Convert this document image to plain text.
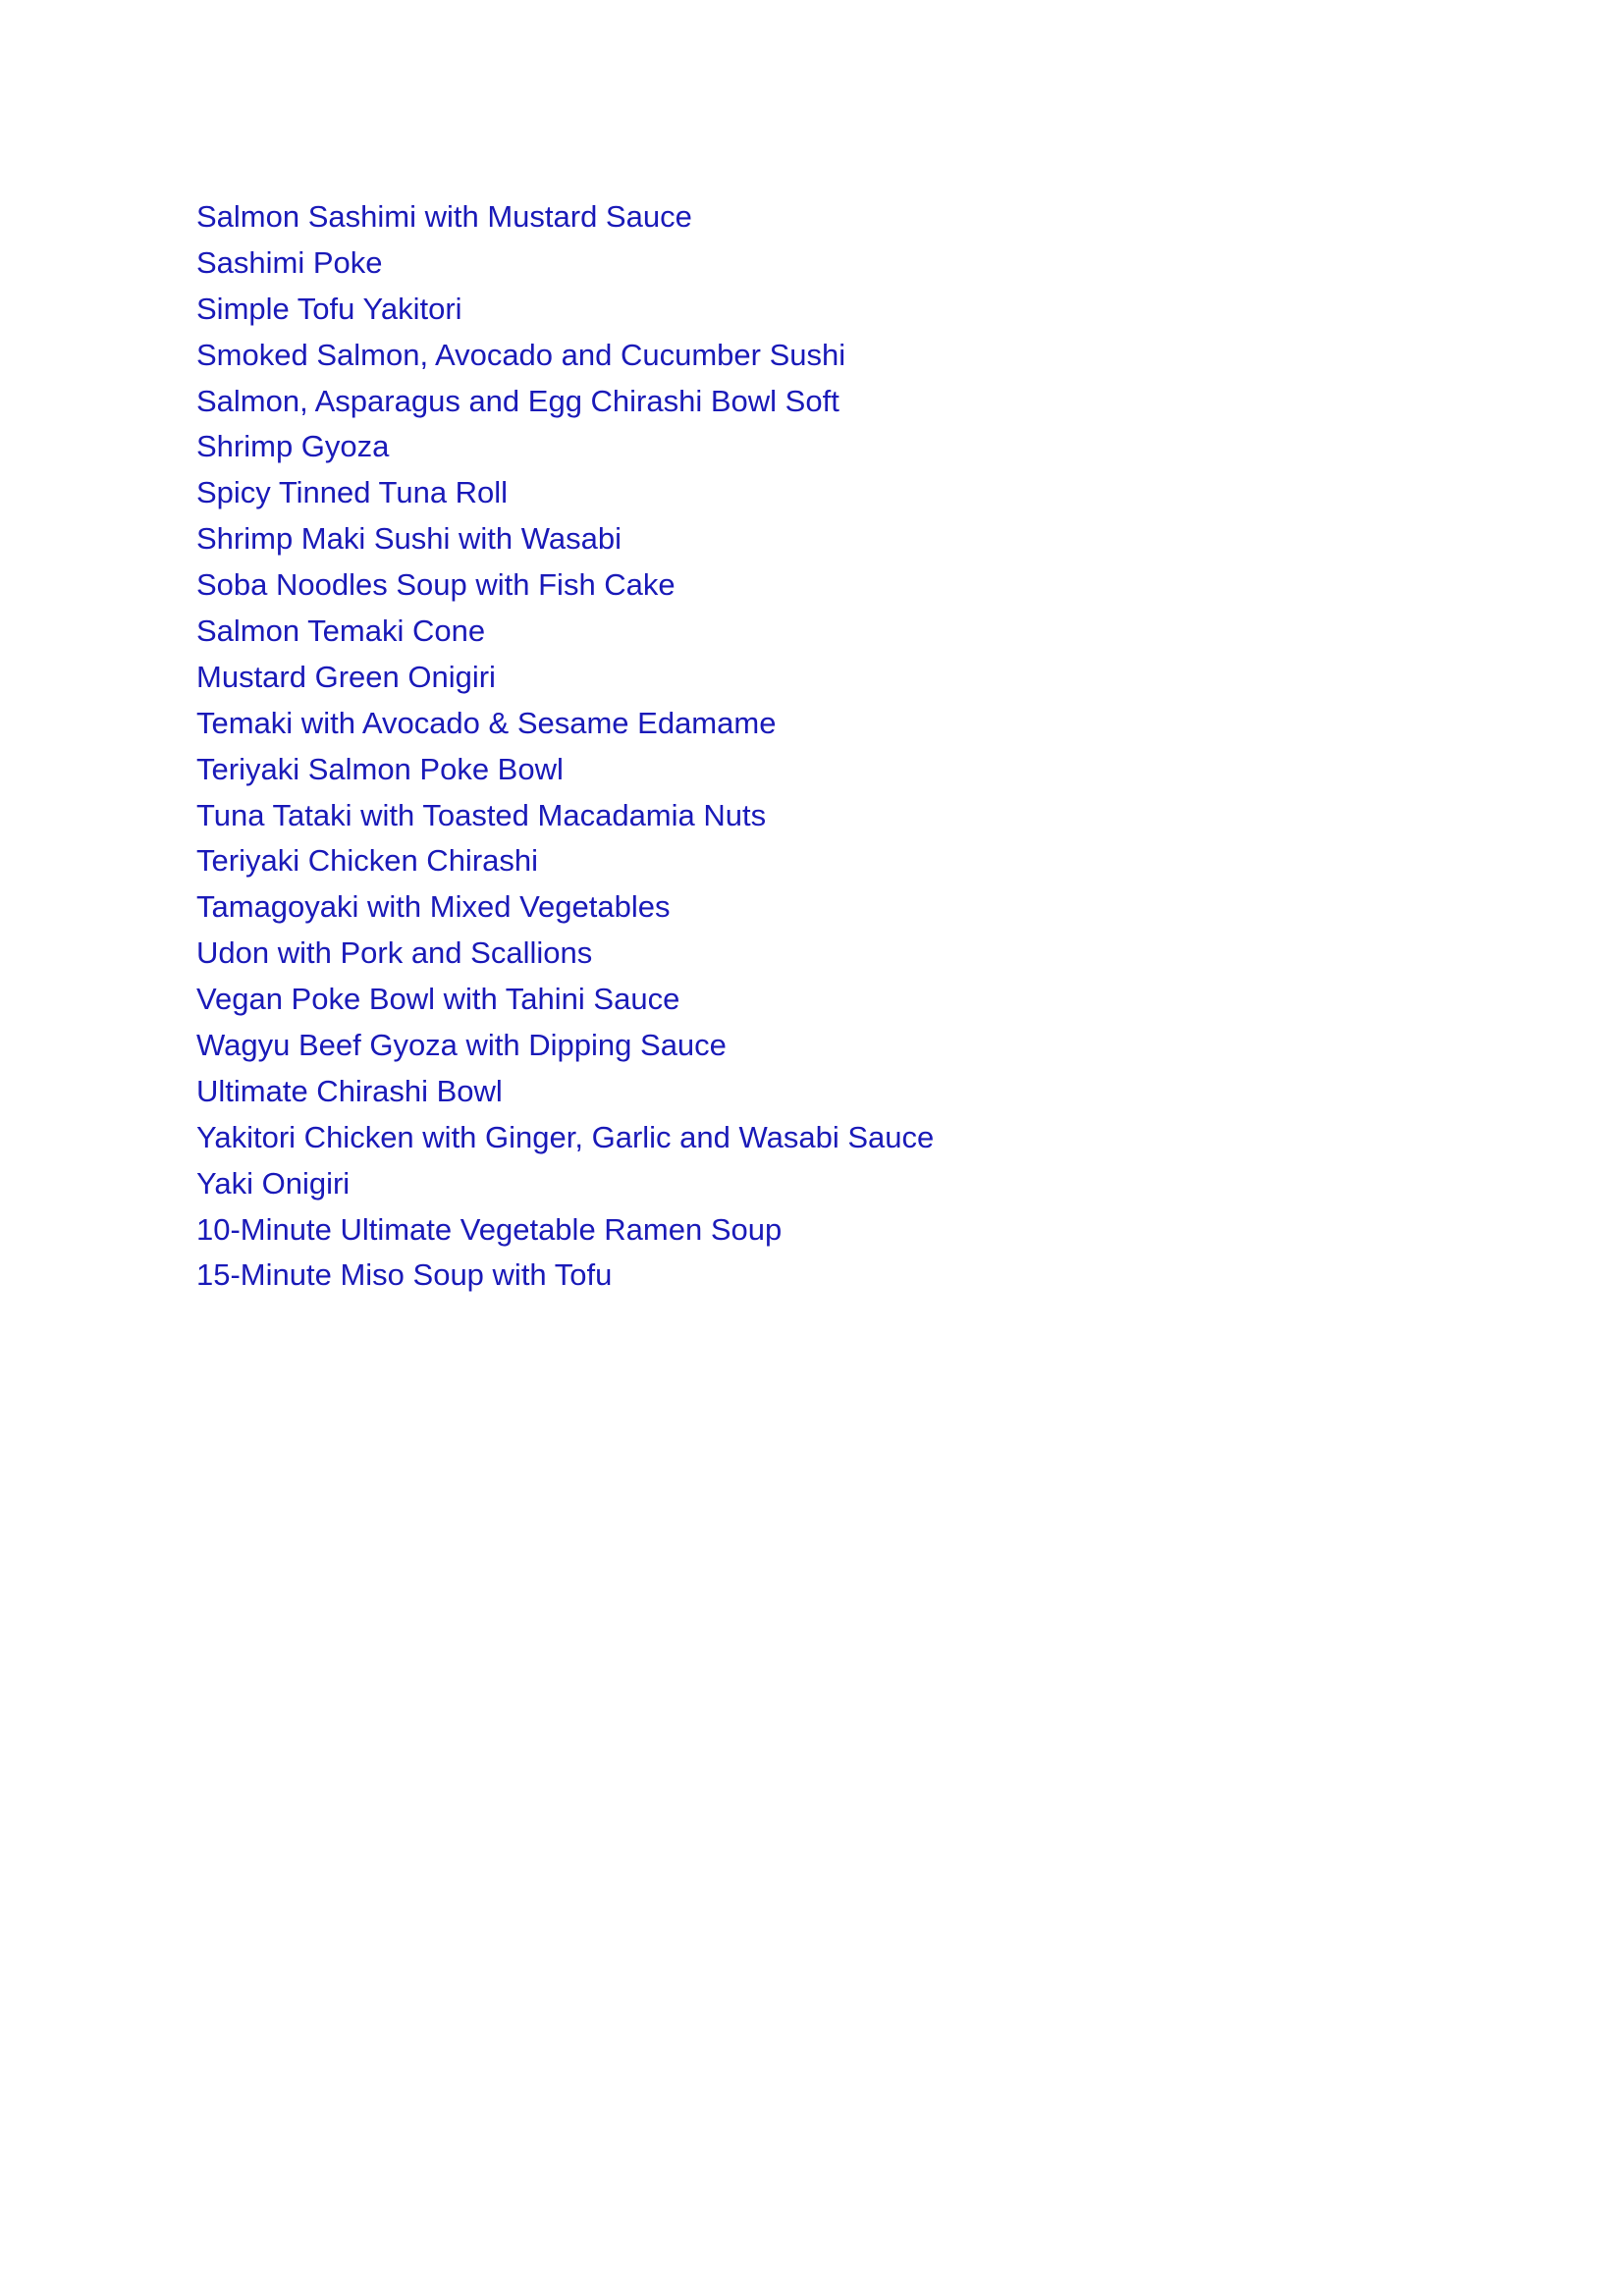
Salmon Sashimi with Mustard Sauce
Sashimi Poke
Simple Tofu Yakitori
Smoked Salmon, Avocado and Cucumber Sushi
Salmon, Asparagus and Egg Chirashi Bowl Soft
Shrimp Gyoza
Spicy Tinned Tuna Roll
Shrimp Maki Sushi with Wasabi
Soba Noodles Soup with Fish Cake
Salmon Temaki Cone
Mustard Green Onigiri
Temaki with Avocado & Sesame Edamame
Teriyaki Salmon Poke Bowl
Tuna Tataki with Toasted Macadamia Nuts
Teriyaki Chicken Chirashi
Tamagoyaki with Mixed Vegetables
Udon with Pork and Scallions
Vegan Poke Bowl with Tahini Sauce
Wagyu Beef Gyoza with Dipping Sauce
Ultimate Chirashi Bowl
Yakitori Chicken with Ginger, Garlic and Wasabi Sauce
Yaki Onigiri
10-Minute Ultimate Vegetable Ramen Soup
15-Minute Miso Soup with Tofu
